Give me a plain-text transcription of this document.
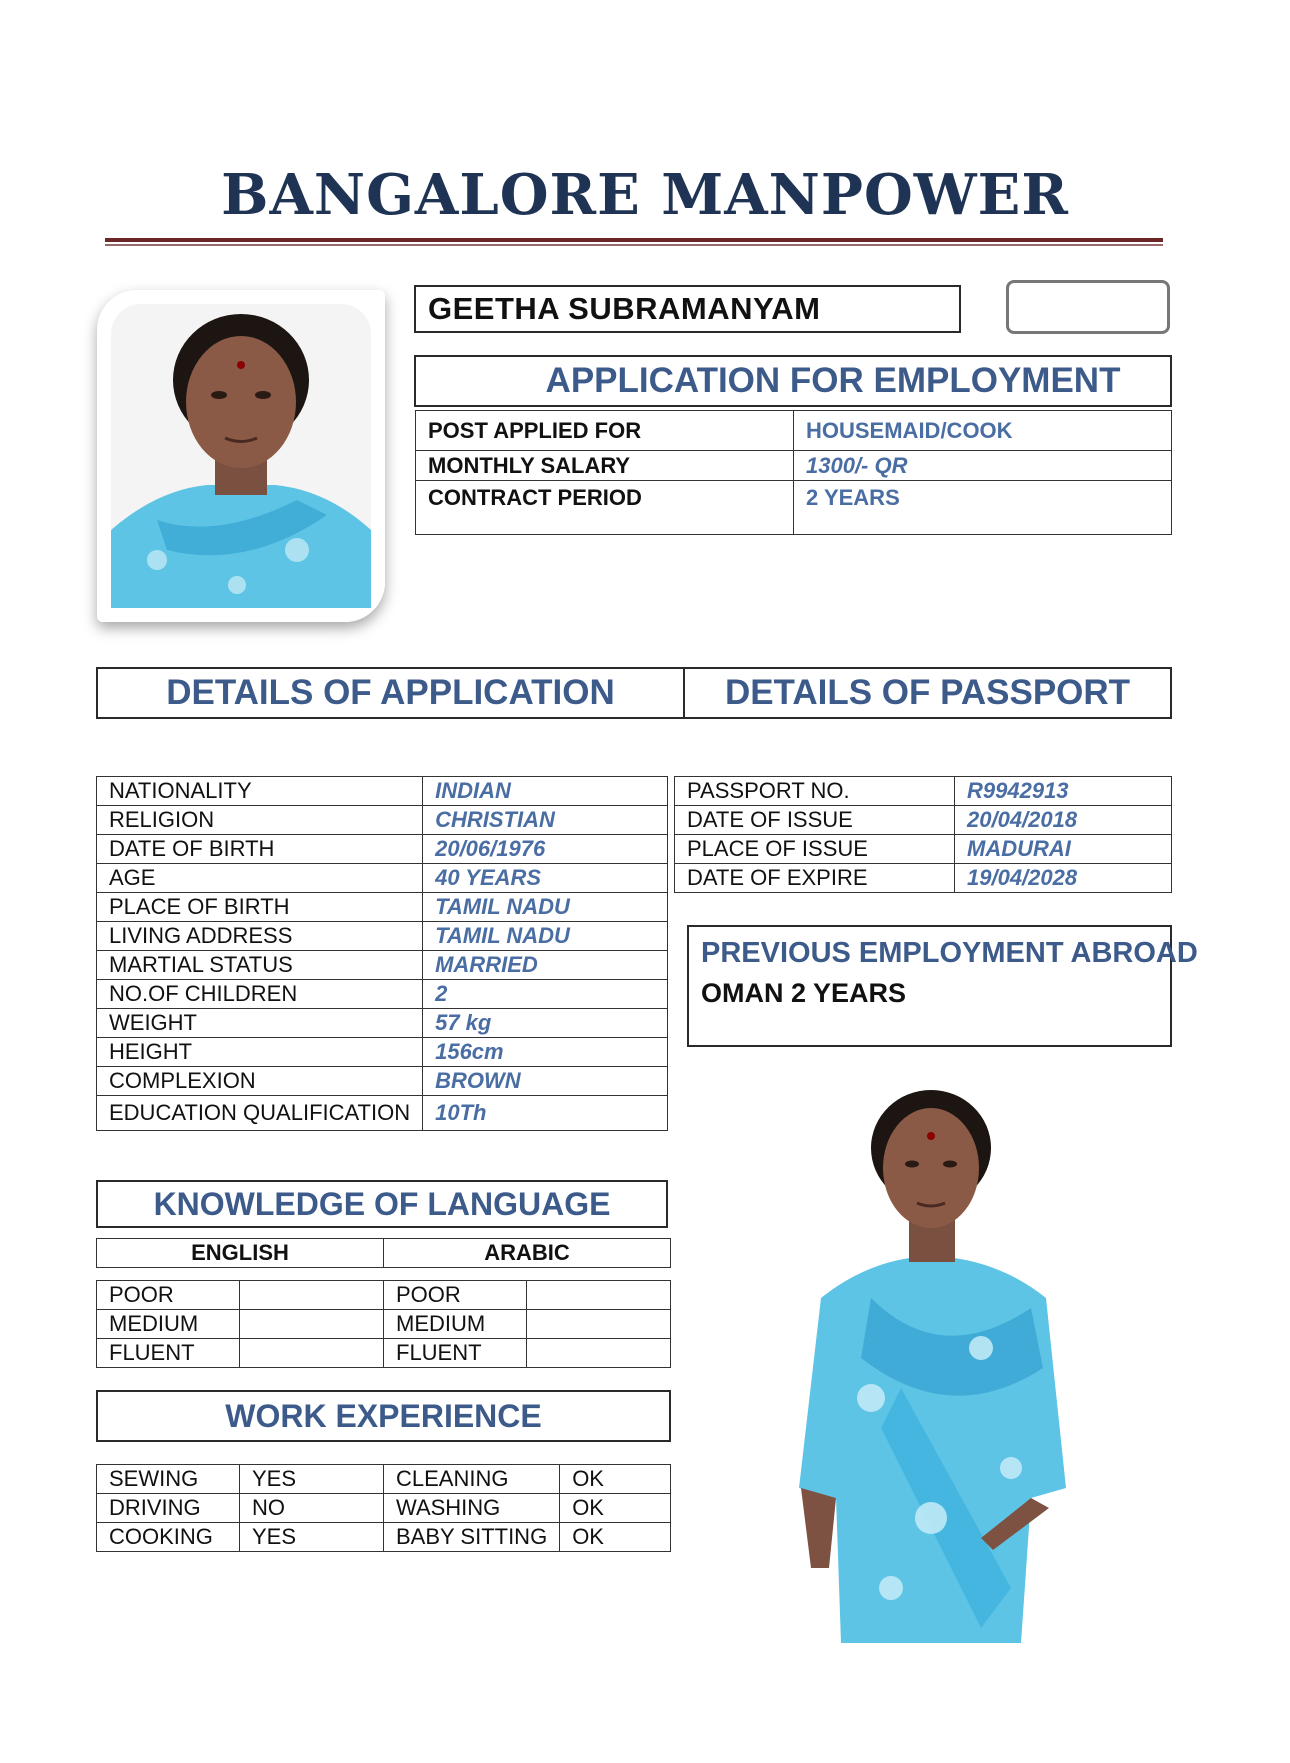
BANGALORE MANPOWER
GEETHA SUBRAMANYAM
APPLICATION FOR EMPLOYMENT
POST APPLIED FOR	HOUSEMAID/COOK
MONTHLY SALARY	1300/- QR
CONTRACT PERIOD	2 YEARS
DETAILS OF APPLICATION	DETAILS OF PASSPORT
NATIONALITY	INDIAN
RELIGION	CHRISTIAN
DATE OF BIRTH	20/06/1976
AGE	40 YEARS
PLACE OF BIRTH	TAMIL NADU
LIVING ADDRESS	TAMIL NADU
MARTIAL STATUS	MARRIED
NO.OF CHILDREN	2
WEIGHT	57 kg
HEIGHT	156cm
COMPLEXION	BROWN
EDUCATION QUALIFICATION	10Th
PASSPORT NO.	R9942913
DATE OF ISSUE	20/04/2018
PLACE OF ISSUE	MADURAI
DATE OF EXPIRE	19/04/2028
PREVIOUS EMPLOYMENT ABROAD
OMAN 2 YEARS
KNOWLEDGE OF LANGUAGE
ENGLISH	ARABIC
POOR		POOR	
MEDIUM		MEDIUM	
FLUENT		FLUENT	
WORK EXPERIENCE
SEWING	YES	CLEANING	OK
DRIVING	NO	WASHING	OK
COOKING	YES	BABY SITTING	OK
